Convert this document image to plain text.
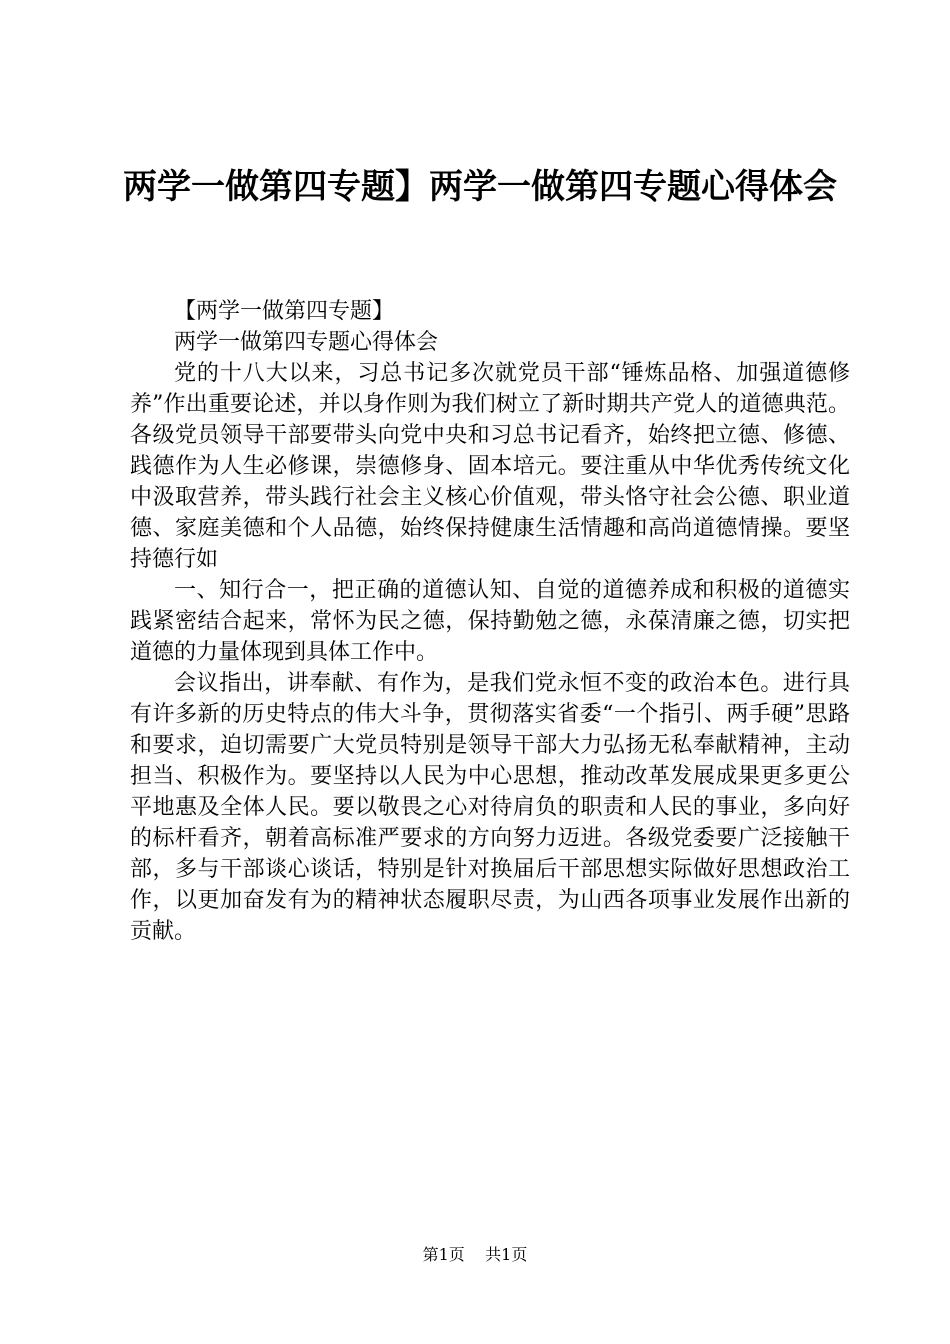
两学一做第四专题】两学一做第四专题心得体会

【两学一做第四专题】

两学一做第四专题心得体会

党的十八大以来，习总书记多次就党员干部“锤炼品格、加强道德修养”作出重要论述，并以身作则为我们树立了新时期共产党人的道德典范。各级党员领导干部要带头向党中央和习总书记看齐，始终把立德、修德、践德作为人生必修课，崇德修身、固本培元。要注重从中华优秀传统文化中汲取营养，带头践行社会主义核心价值观，带头恪守社会公德、职业道德、家庭美德和个人品德，始终保持健康生活情趣和高尚道德情操。要坚持德行如

一、知行合一，把正确的道德认知、自觉的道德养成和积极的道德实践紧密结合起来，常怀为民之德，保持勤勉之德，永葆清廉之德，切实把道德的力量体现到具体工作中。

会议指出，讲奉献、有作为，是我们党永恒不变的政治本色。进行具有许多新的历史特点的伟大斗争，贯彻落实省委“一个指引、两手硬”思路和要求，迫切需要广大党员特别是领导干部大力弘扬无私奉献精神，主动担当、积极作为。要坚持以人民为中心思想，推动改革发展成果更多更公平地惠及全体人民。要以敬畏之心对待肩负的职责和人民的事业，多向好的标杆看齐，朝着高标准严要求的方向努力迈进。各级党委要广泛接触干部，多与干部谈心谈话，特别是针对换届后干部思想实际做好思想政治工作，以更加奋发有为的精神状态履职尽责，为山西各项事业发展作出新的贡献。

第1页 共1页
